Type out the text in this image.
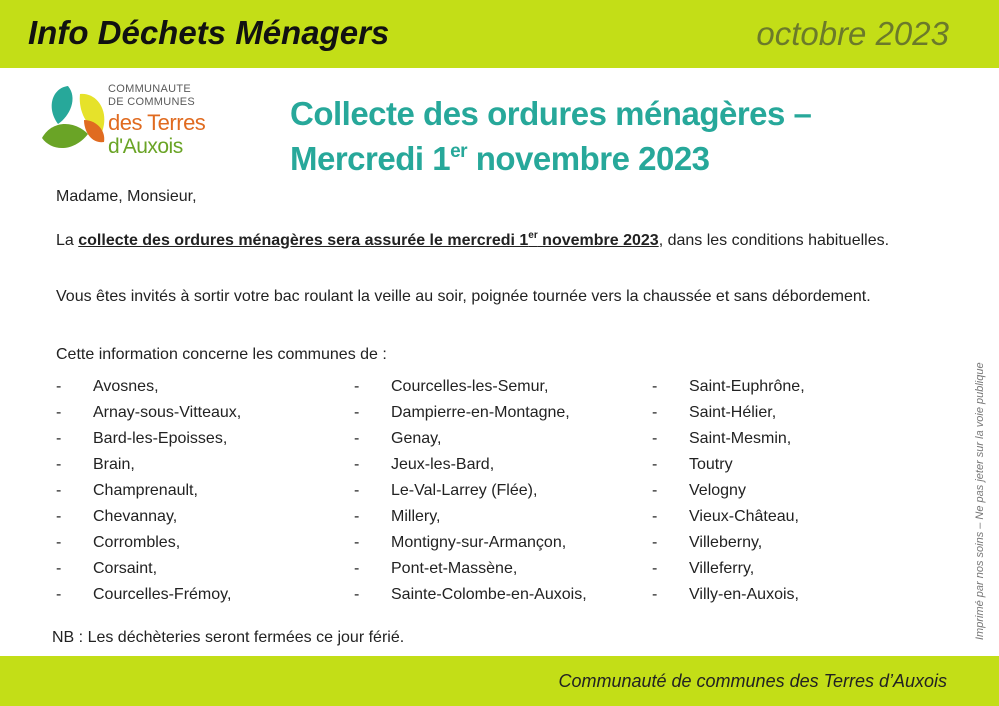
Info Déchets Ménagers	octobre 2023
COMMUNAUTE
DE COMMUNES
des Terres
d'Auxois
Collecte des ordures ménagères –
Mercredi 1er novembre 2023
Madame, Monsieur,
La collecte des ordures ménagères sera assurée le mercredi 1er novembre 2023, dans les conditions habituelles.
Vous êtes invités à sortir votre bac roulant la veille au soir, poignée tournée vers la chaussée et sans débordement.
Cette information concerne les communes de :
- Avosnes,
- Arnay-sous-Vitteaux,
- Bard-les-Epoisses,
- Brain,
- Champrenault,
- Chevannay,
- Corrombles,
- Corsaint,
- Courcelles-Frémoy,
- Courcelles-les-Semur,
- Dampierre-en-Montagne,
- Genay,
- Jeux-les-Bard,
- Le-Val-Larrey (Flée),
- Millery,
- Montigny-sur-Armançon,
- Pont-et-Massène,
- Sainte-Colombe-en-Auxois,
- Saint-Euphrône,
- Saint-Hélier,
- Saint-Mesmin,
- Toutry
- Velogny
- Vieux-Château,
- Villeberny,
- Villeferry,
- Villy-en-Auxois,
NB : Les déchèteries seront fermées ce jour férié.	Imprimé par nos soins – Ne pas jeter sur la voie publique
Communauté de communes des Terres d’Auxois
